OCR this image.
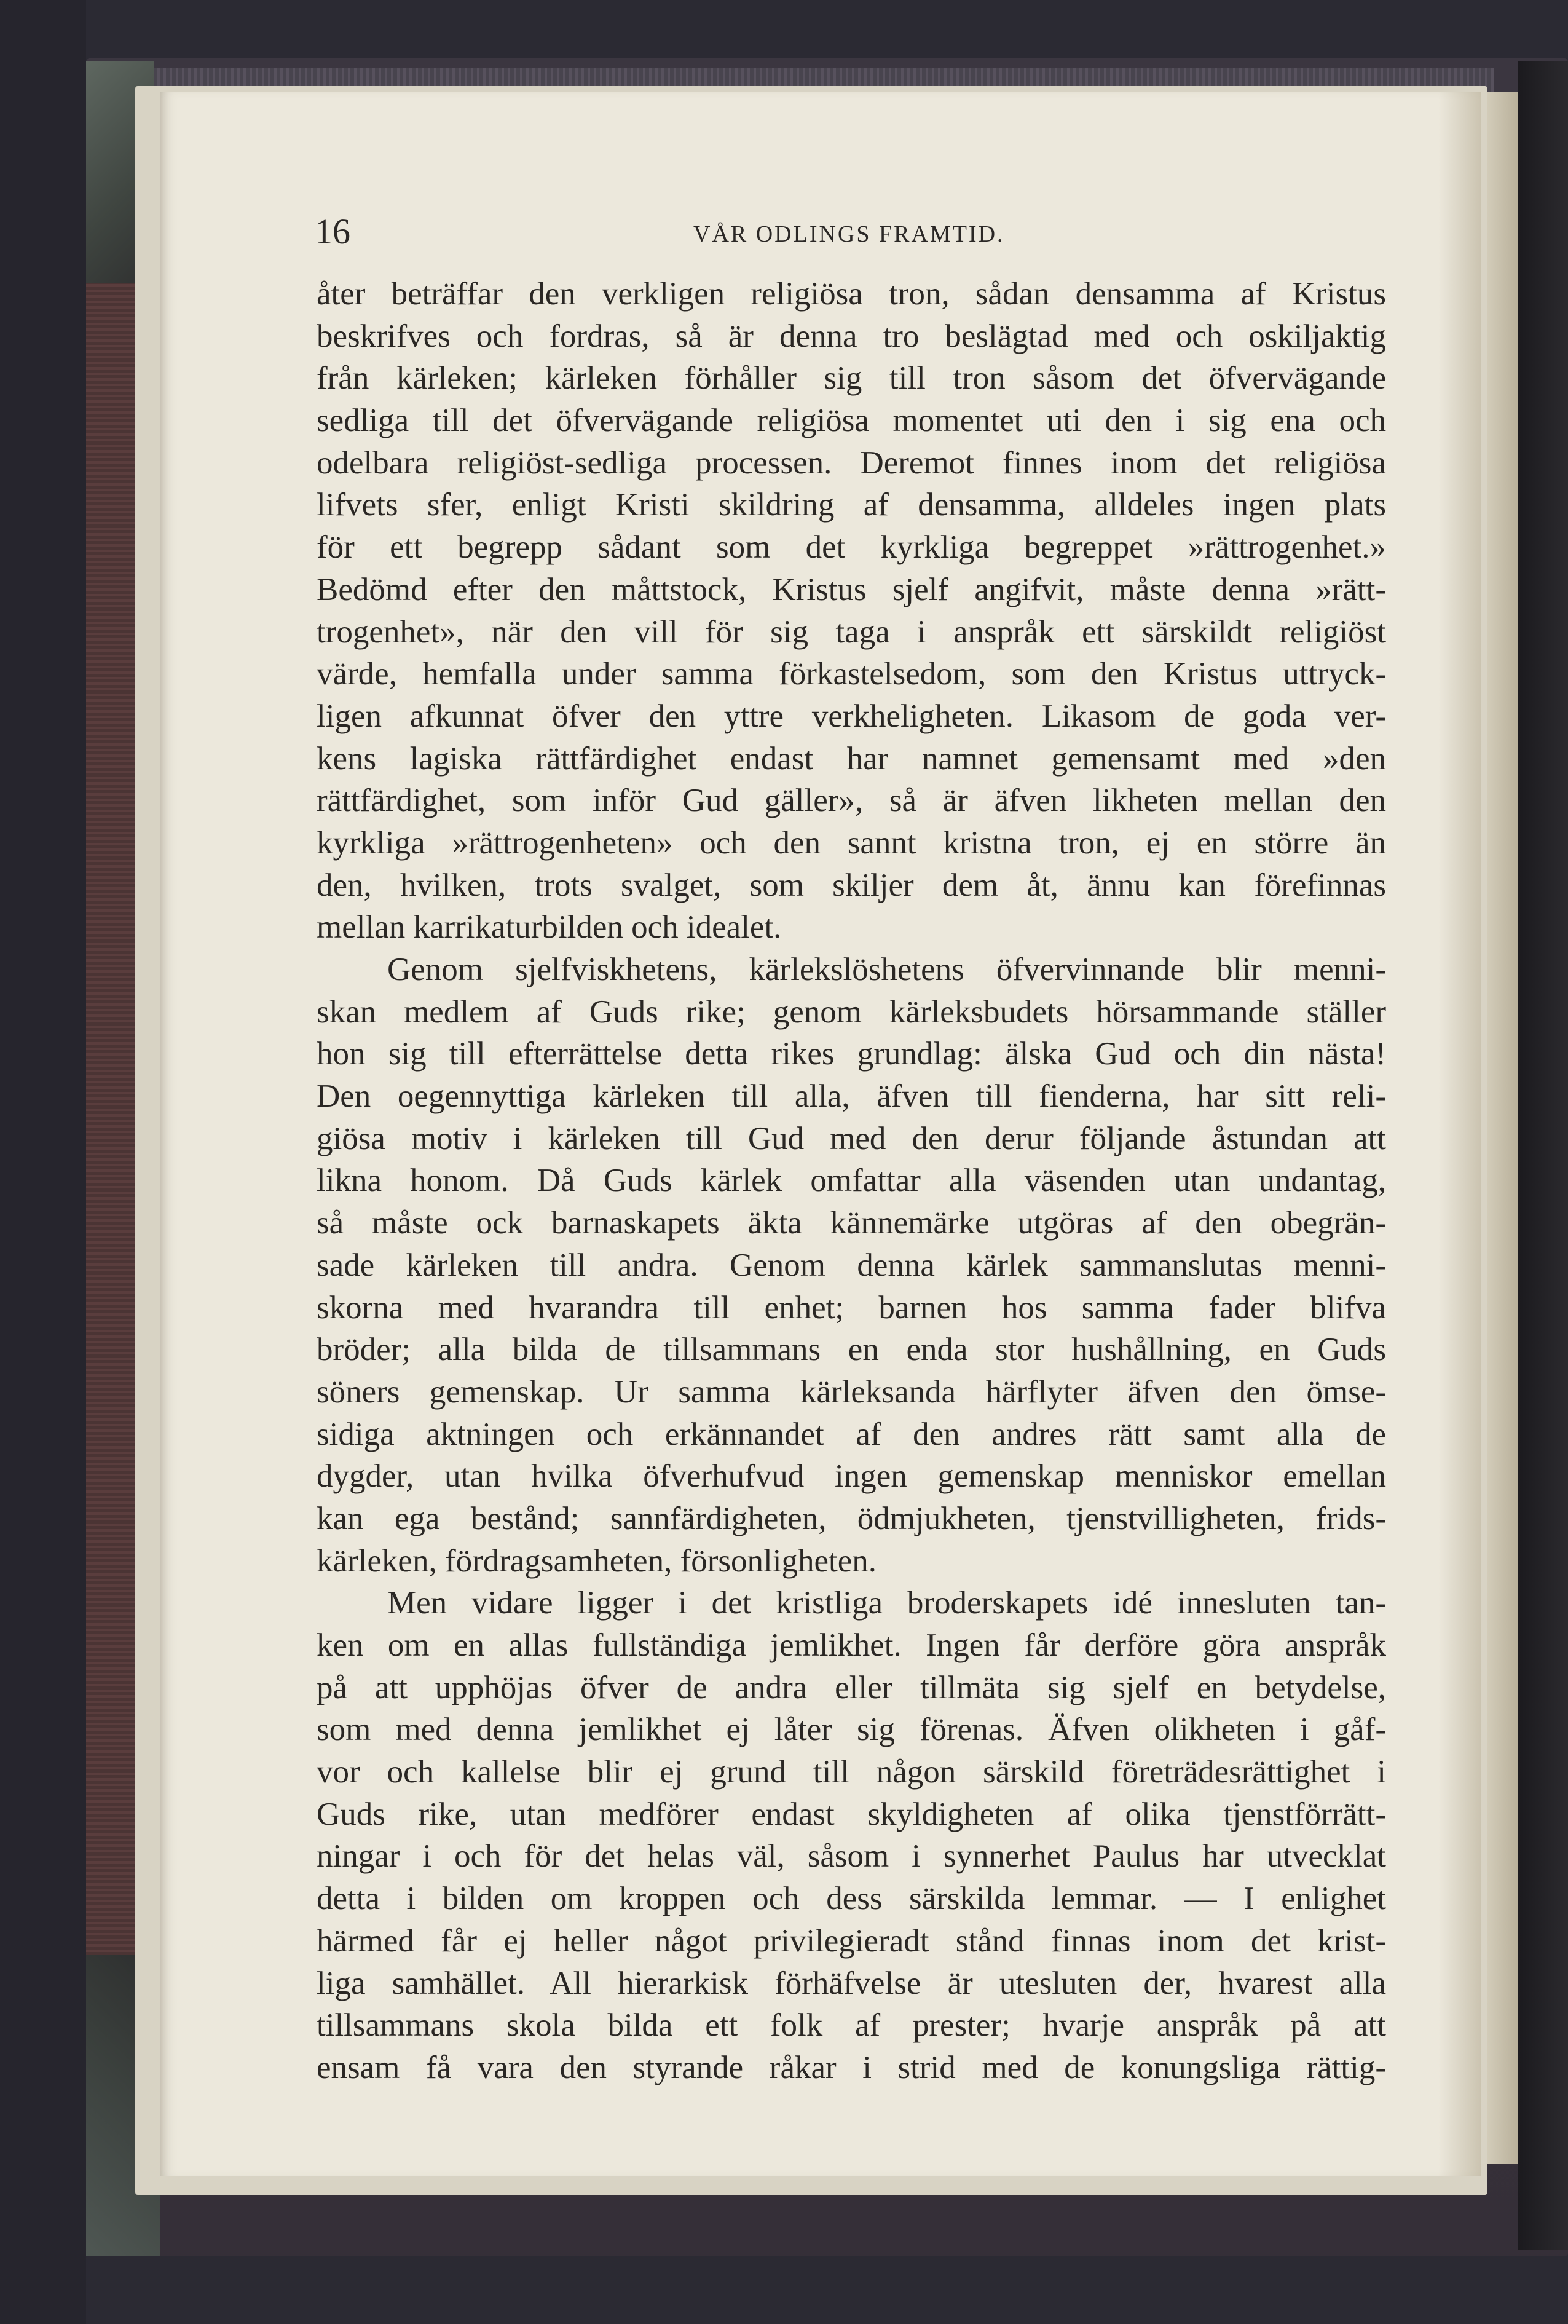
16	VÅR ODLINGS FRAMTID.
åter beträffar den verkligen religiösa tron, sådan densamma af Kristus
beskrifves och fordras, så är denna tro beslägtad med och oskiljaktig
från kärleken; kärleken förhåller sig till tron såsom det öfvervägande
sedliga till det öfvervägande religiösa momentet uti den i sig ena och
odelbara religiöst-sedliga processen. Deremot finnes inom det religiösa
lifvets sfer, enligt Kristi skildring af densamma, alldeles ingen plats
för ett begrepp sådant som det kyrkliga begreppet »rättrogenhet.»
Bedömd efter den måttstock, Kristus sjelf angifvit, måste denna »rätt-
trogenhet», när den vill för sig taga i anspråk ett särskildt religiöst
värde, hemfalla under samma förkastelsedom, som den Kristus uttryck-
ligen afkunnat öfver den yttre verkheligheten. Likasom de goda ver-
kens lagiska rättfärdighet endast har namnet gemensamt med »den
rättfärdighet, som inför Gud gäller», så är äfven likheten mellan den
kyrkliga »rättrogenheten» och den sannt kristna tron, ej en större än
den, hvilken, trots svalget, som skiljer dem åt, ännu kan förefinnas
mellan karrikaturbilden och idealet.
Genom sjelfviskhetens, kärlekslöshetens öfvervinnande blir menni-
skan medlem af Guds rike; genom kärleksbudets hörsammande ställer
hon sig till efterrättelse detta rikes grundlag: älska Gud och din nästa!
Den oegennyttiga kärleken till alla, äfven till fienderna, har sitt reli-
giösa motiv i kärleken till Gud med den derur följande åstundan att
likna honom. Då Guds kärlek omfattar alla väsenden utan undantag,
så måste ock barnaskapets äkta kännemärke utgöras af den obegrän-
sade kärleken till andra. Genom denna kärlek sammanslutas menni-
skorna med hvarandra till enhet; barnen hos samma fader blifva
bröder; alla bilda de tillsammans en enda stor hushållning, en Guds
söners gemenskap. Ur samma kärleksanda härflyter äfven den ömse-
sidiga aktningen och erkännandet af den andres rätt samt alla de
dygder, utan hvilka öfverhufvud ingen gemenskap menniskor emellan
kan ega bestånd; sannfärdigheten, ödmjukheten, tjenstvilligheten, frids-
kärleken, fördragsamheten, försonligheten.
Men vidare ligger i det kristliga broderskapets idé innesluten tan-
ken om en allas fullständiga jemlikhet. Ingen får derföre göra anspråk
på att upphöjas öfver de andra eller tillmäta sig sjelf en betydelse,
som med denna jemlikhet ej låter sig förenas. Äfven olikheten i gåf-
vor och kallelse blir ej grund till någon särskild företrädesrättighet i
Guds rike, utan medförer endast skyldigheten af olika tjenstförrätt-
ningar i och för det helas väl, såsom i synnerhet Paulus har utvecklat
detta i bilden om kroppen och dess särskilda lemmar. — I enlighet
härmed får ej heller något privilegieradt stånd finnas inom det krist-
liga samhället. All hierarkisk förhäfvelse är utesluten der, hvarest alla
tillsammans skola bilda ett folk af prester; hvarje anspråk på att
ensam få vara den styrande råkar i strid med de konungsliga rättig-
